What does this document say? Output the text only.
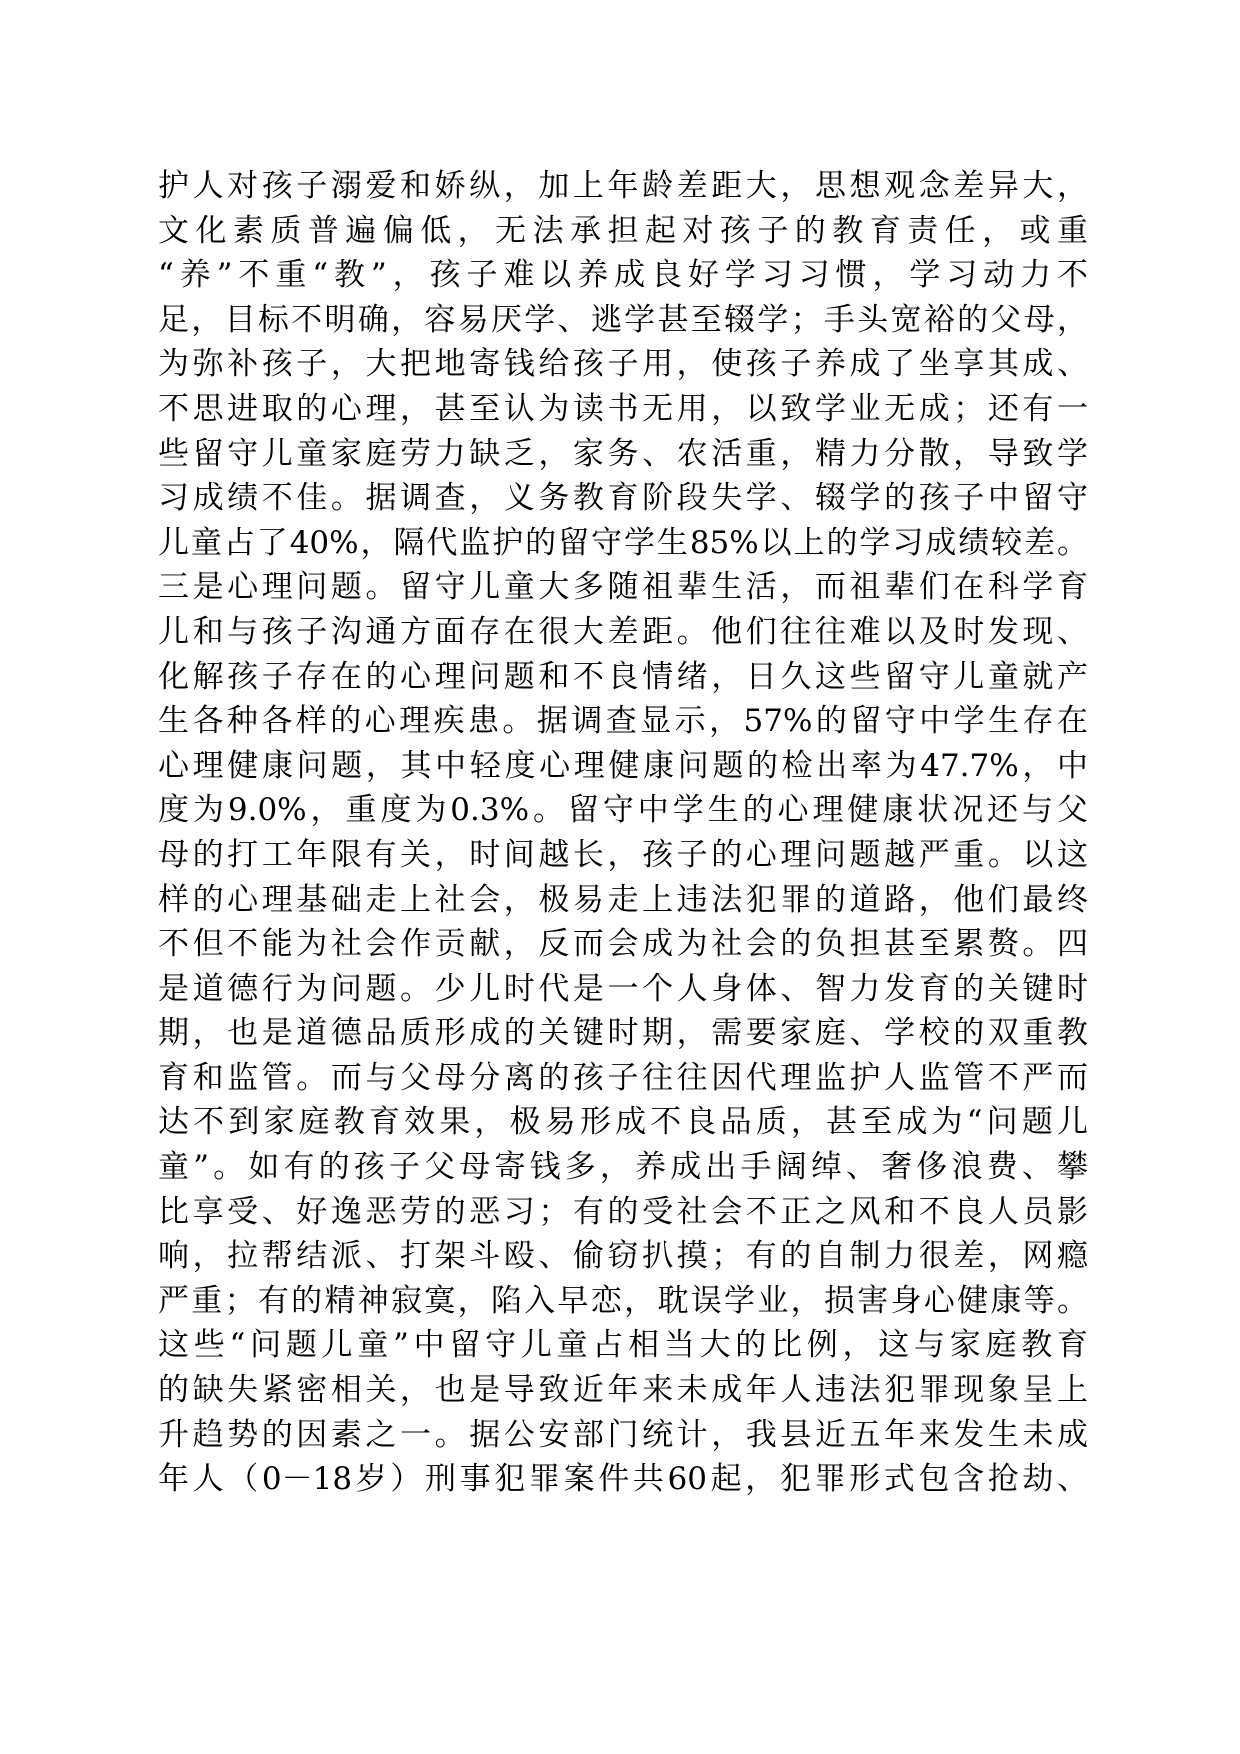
护人对孩子溺爱和娇纵，加上年龄差距大，思想观念差异大，
文化素质普遍偏低，无法承担起对孩子的教育责任，或重
“养”不重“教”，孩子难以养成良好学习习惯，学习动力不
足，目标不明确，容易厌学、逃学甚至辍学；手头宽裕的父母，
为弥补孩子，大把地寄钱给孩子用，使孩子养成了坐享其成、
不思进取的心理，甚至认为读书无用，以致学业无成；还有一
些留守儿童家庭劳力缺乏，家务、农活重，精力分散，导致学
习成绩不佳。据调查，义务教育阶段失学、辍学的孩子中留守
儿童占了40%，隔代监护的留守学生85%以上的学习成绩较差。
三是心理问题。留守儿童大多随祖辈生活，而祖辈们在科学育
儿和与孩子沟通方面存在很大差距。他们往往难以及时发现、
化解孩子存在的心理问题和不良情绪，日久这些留守儿童就产
生各种各样的心理疾患。据调查显示，57%的留守中学生存在
心理健康问题，其中轻度心理健康问题的检出率为47.7%，中
度为9.0%，重度为0.3%。留守中学生的心理健康状况还与父
母的打工年限有关，时间越长，孩子的心理问题越严重。以这
样的心理基础走上社会，极易走上违法犯罪的道路，他们最终
不但不能为社会作贡献，反而会成为社会的负担甚至累赘。四
是道德行为问题。少儿时代是一个人身体、智力发育的关键时
期，也是道德品质形成的关键时期，需要家庭、学校的双重教
育和监管。而与父母分离的孩子往往因代理监护人监管不严而
达不到家庭教育效果，极易形成不良品质，甚至成为“问题儿
童”。如有的孩子父母寄钱多，养成出手阔绰、奢侈浪费、攀
比享受、好逸恶劳的恶习；有的受社会不正之风和不良人员影
响，拉帮结派、打架斗殴、偷窃扒摸；有的自制力很差，网瘾
严重；有的精神寂寞，陷入早恋，耽误学业，损害身心健康等。
这些“问题儿童”中留守儿童占相当大的比例，这与家庭教育
的缺失紧密相关，也是导致近年来未成年人违法犯罪现象呈上
升趋势的因素之一。据公安部门统计，我县近五年来发生未成
年人（0－18岁）刑事犯罪案件共60起，犯罪形式包含抢劫、
